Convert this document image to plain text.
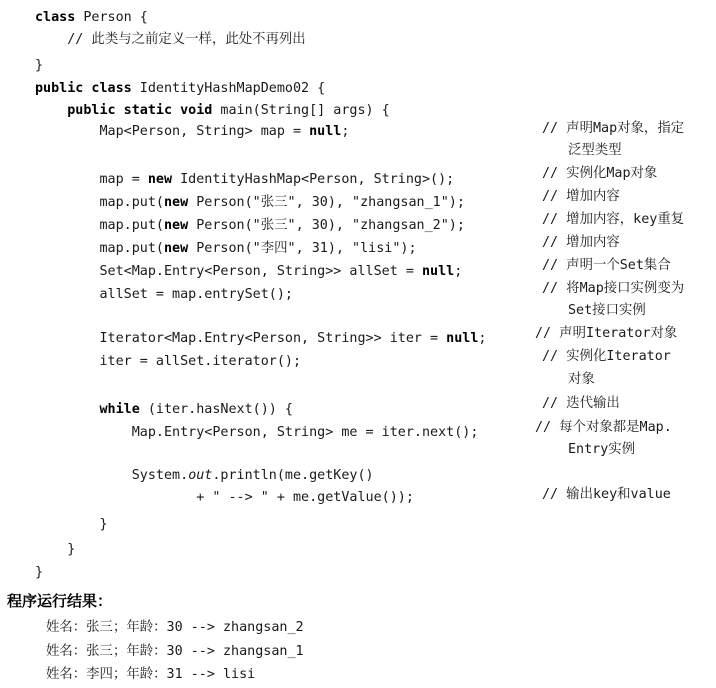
class Person {
// 此类与之前定义一样，此处不再列出
}
public class IdentityHashMapDemo02 {
public static void main(String[] args) {
Map<Person, String> map = null;
map = new IdentityHashMap<Person, String>();
map.put(new Person("张三", 30), "zhangsan_1");
map.put(new Person("张三", 30), "zhangsan_2");
map.put(new Person("李四", 31), "lisi");
Set<Map.Entry<Person, String>> allSet = null;
allSet = map.entrySet();
Iterator<Map.Entry<Person, String>> iter = null;
iter = allSet.iterator();
while (iter.hasNext()) {
Map.Entry<Person, String> me = iter.next();
System.out.println(me.getKey()
+ " --> " + me.getValue());
}
}
}
// 声明Map对象，指定
泛型类型
// 实例化Map对象
// 增加内容
// 增加内容，key重复
// 增加内容
// 声明一个Set集合
// 将Map接口实例变为
Set接口实例
// 声明Iterator对象
// 实例化Iterator
对象
// 迭代输出
// 每个对象都是Map.
Entry实例
// 输出key和value
程序运行结果：
姓名：张三；年龄：30 --> zhangsan_2
姓名：张三；年龄：30 --> zhangsan_1
姓名：李四；年龄：31 --> lisi
